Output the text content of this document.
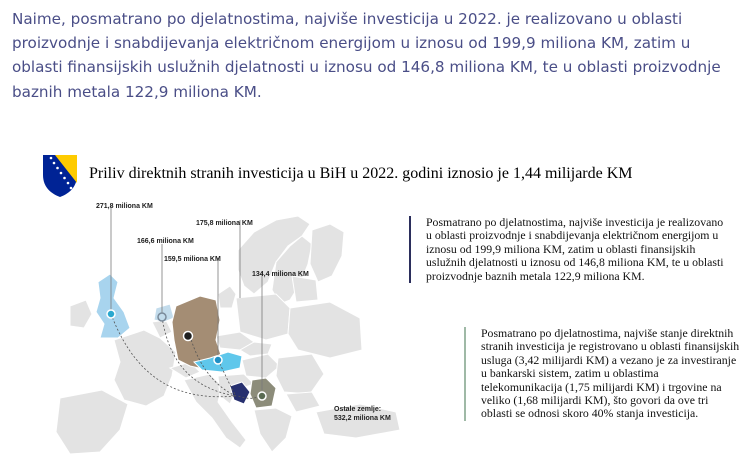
Naime, posmatrano po djelatnostima, najviše investicija u 2022. je realizovano u oblasti proizvodnje i snabdijevanja električnom energijom u iznosu od 199,9 miliona KM, zatim u oblasti finansijskih uslužnih djelatnosti u iznosu od 146,8 miliona KM, te u oblasti proizvodnje baznih metala 122,9 miliona KM.

Priliv direktnih stranih investicija u BiH u 2022. godini iznosio je 1,44 milijarde KM

271,8 miliona KM
166,6 miliona KM
175,8 miliona KM
159,5 miliona KM
134,4 miliona KM
Ostale zemlje:
532,2 miliona KM
Posmatrano po djelatnostima, najviše investicija je realizovano u oblasti proizvodnje i snabdijevanja električnom energijom u iznosu od 199,9 miliona KM, zatim u oblasti finansijskih uslužnih djelatnosti u iznosu od 146,8 miliona KM, te u oblasti proizvodnje baznih metala 122,9 miliona KM.
Posmatrano po djelatnostima, najviše stanje direktnih stranih investicija je registrovano u oblasti finansijskih usluga (3,42 milijardi KM) a vezano je za investiranje u bankarski sistem, zatim u oblastima telekomunikacija (1,75 milijardi KM) i trgovine na veliko (1,68 milijardi KM), što govori da ove tri oblasti se odnosi skoro 40% stanja investicija.
